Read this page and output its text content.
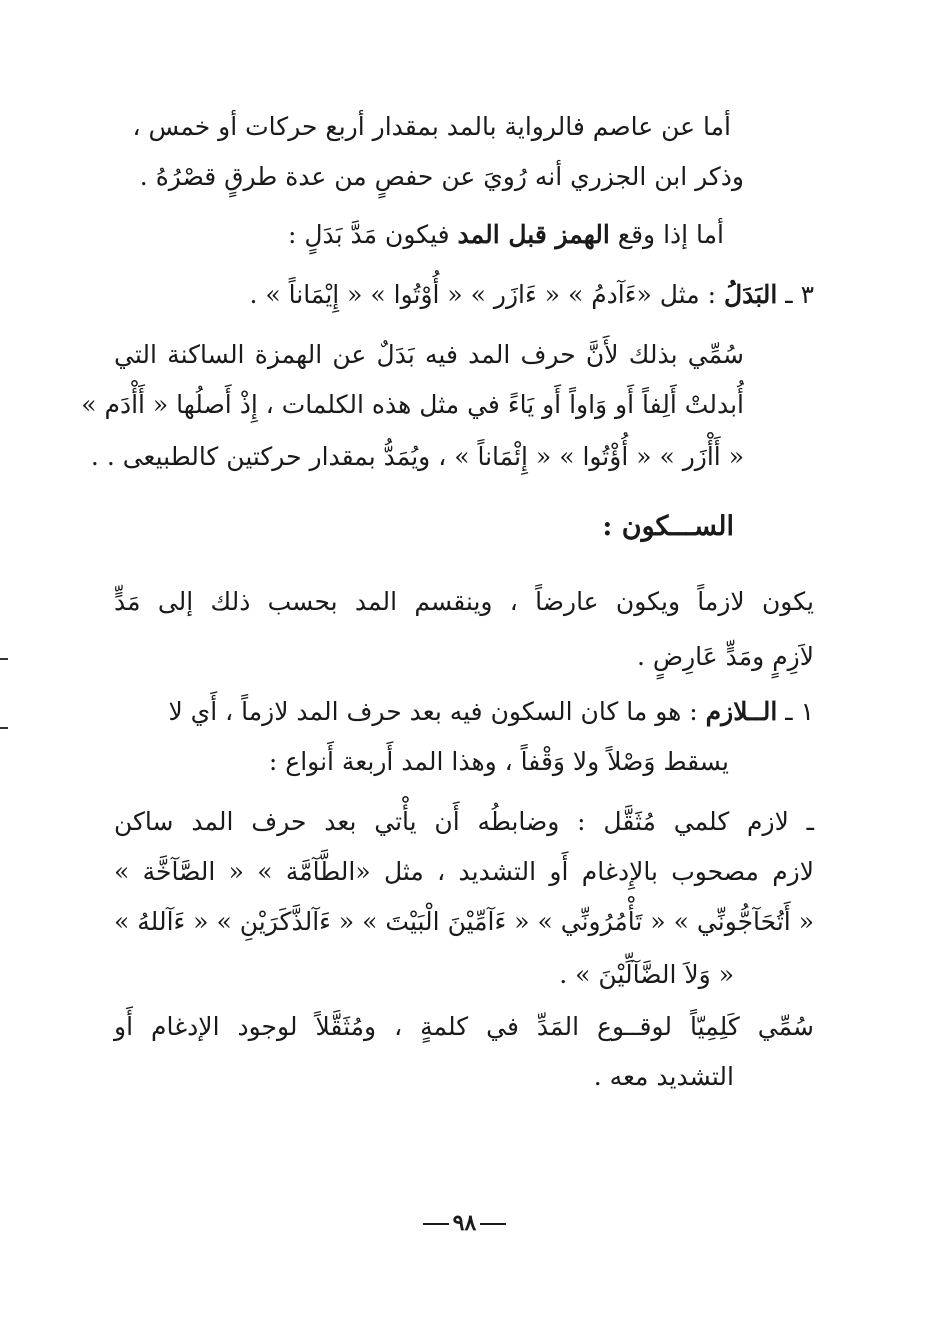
أما عن عاصم فالرواية بالمد بمقدار أربع حركات أو خمس ،
وذكر ابن الجزري أنه رُويَ عن حفصٍ من عدة طرقٍ قصْرُهُ .
أما إذا وقع الهمز قبل المد فيكون مَدَّ بَدَلٍ :
٣ ـ البَدَلُ : مثل «ءَآدمُ » « ءَازَر » « أُوْتُوا » « إِيْمَاناً » .
سُمِّي بذلك لأَنَّ حرف المد فيه بَدَلٌ عن الهمزة الساكنة التي
أُبدلتْ أَلِفاً أَو وَاواً أَو يَاءً في مثل هذه الكلمات ، إِذْ أَصلُها « أَأْدَم »
« أَأْزَر » « أُؤْتُوا » « إِئْمَاناً » ، ويُمَدُّ بمقدار حركتين كالطبيعى . .
الســـكون :
يكون لازماً ويكون عارضاً ، وينقسم المد بحسب ذلك إلى مَدٍّ
لاَزِمٍ ومَدٍّ عَارِضٍ .
١ ـ الــلازم : هو ما كان السكون فيه بعد حرف المد لازماً ، أَي لا
يسقط وَصْلاً ولا وَقْفاً ، وهذا المد أَربعة أَنواع :
ـ لازم كلمي مُثَقَّل : وضابطُه أَن يأْتي بعد حرف المد ساكن
لازم مصحوب بالإِدغام أَو التشديد ، مثل «الطَّآمَّة » « الصَّآخَّة »
« أَتُحَآجُّونِّي » « تَأْمُرُونِّي » « ءَآمِّيْنَ الْبَيْتَ » « ءَآلذَّكَرَيْنِ » « ءَآللهُ »
« وَلاَ الضَّآلِّيْنَ » .
سُمِّي كَلِمِيّاً لوقــوع المَدِّ في كلمةٍ ، ومُثَقَّلاً لوجود الإدغام أَو
التشديد معه .
٩٨
